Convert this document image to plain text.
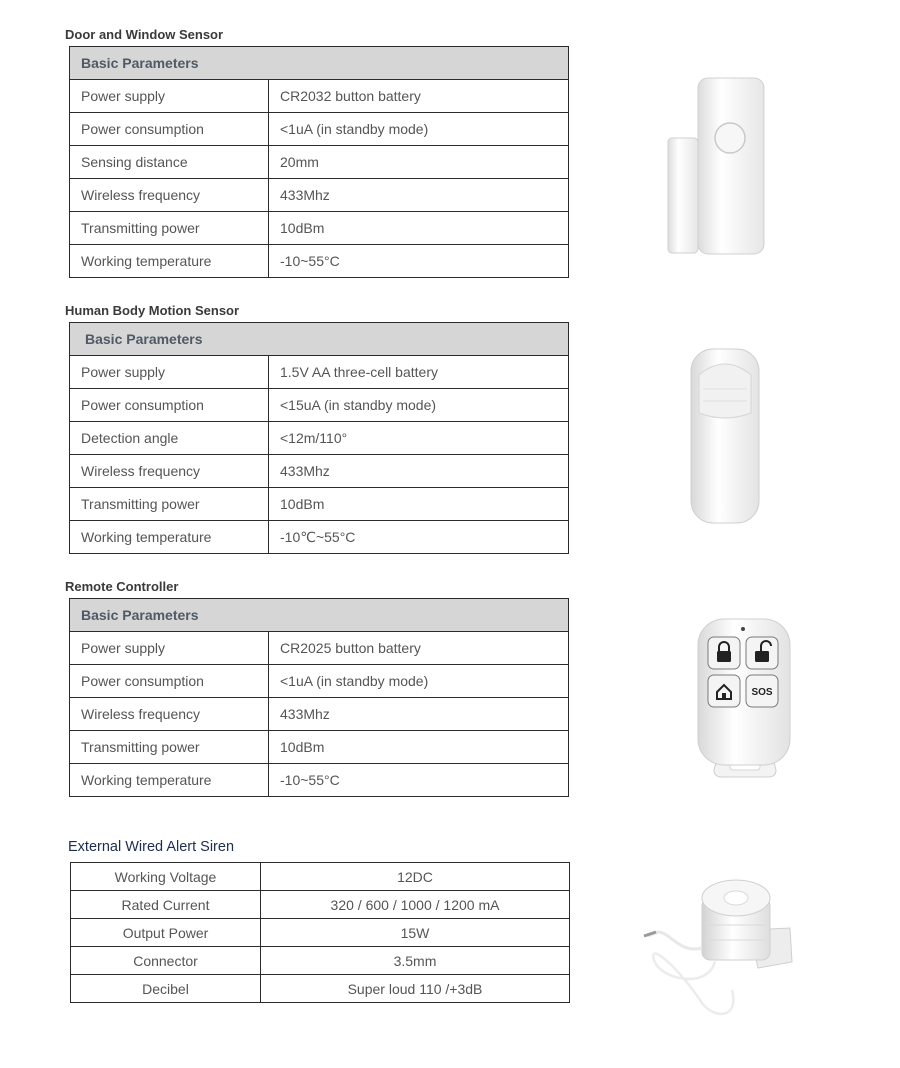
Door and Window Sensor
Basic Parameters	
Power supply	CR2032 button battery
Power consumption	<1uA (in standby mode)
Sensing distance	20mm
Wireless frequency	433Mhz
Transmitting power	10dBm
Working temperature	-10~55°C
Human Body Motion Sensor
Basic Parameters	
Power supply	1.5V AA three-cell battery
Power consumption	<15uA (in standby mode)
Detection angle	<12m/110°
Wireless frequency	433Mhz
Transmitting power	10dBm
Working temperature	-10℃~55°C
Remote Controller
Basic Parameters	
Power supply	CR2025 button battery
Power consumption	<1uA (in standby mode)
Wireless frequency	433Mhz
Transmitting power	10dBm
Working temperature	-10~55°C
SOS
External Wired Alert Siren
Working Voltage	12DC
Rated Current	320 / 600 / 1000 / 1200 mA
Output Power	15W
Connector	3.5mm
Decibel	Super loud 110 /+3dB
